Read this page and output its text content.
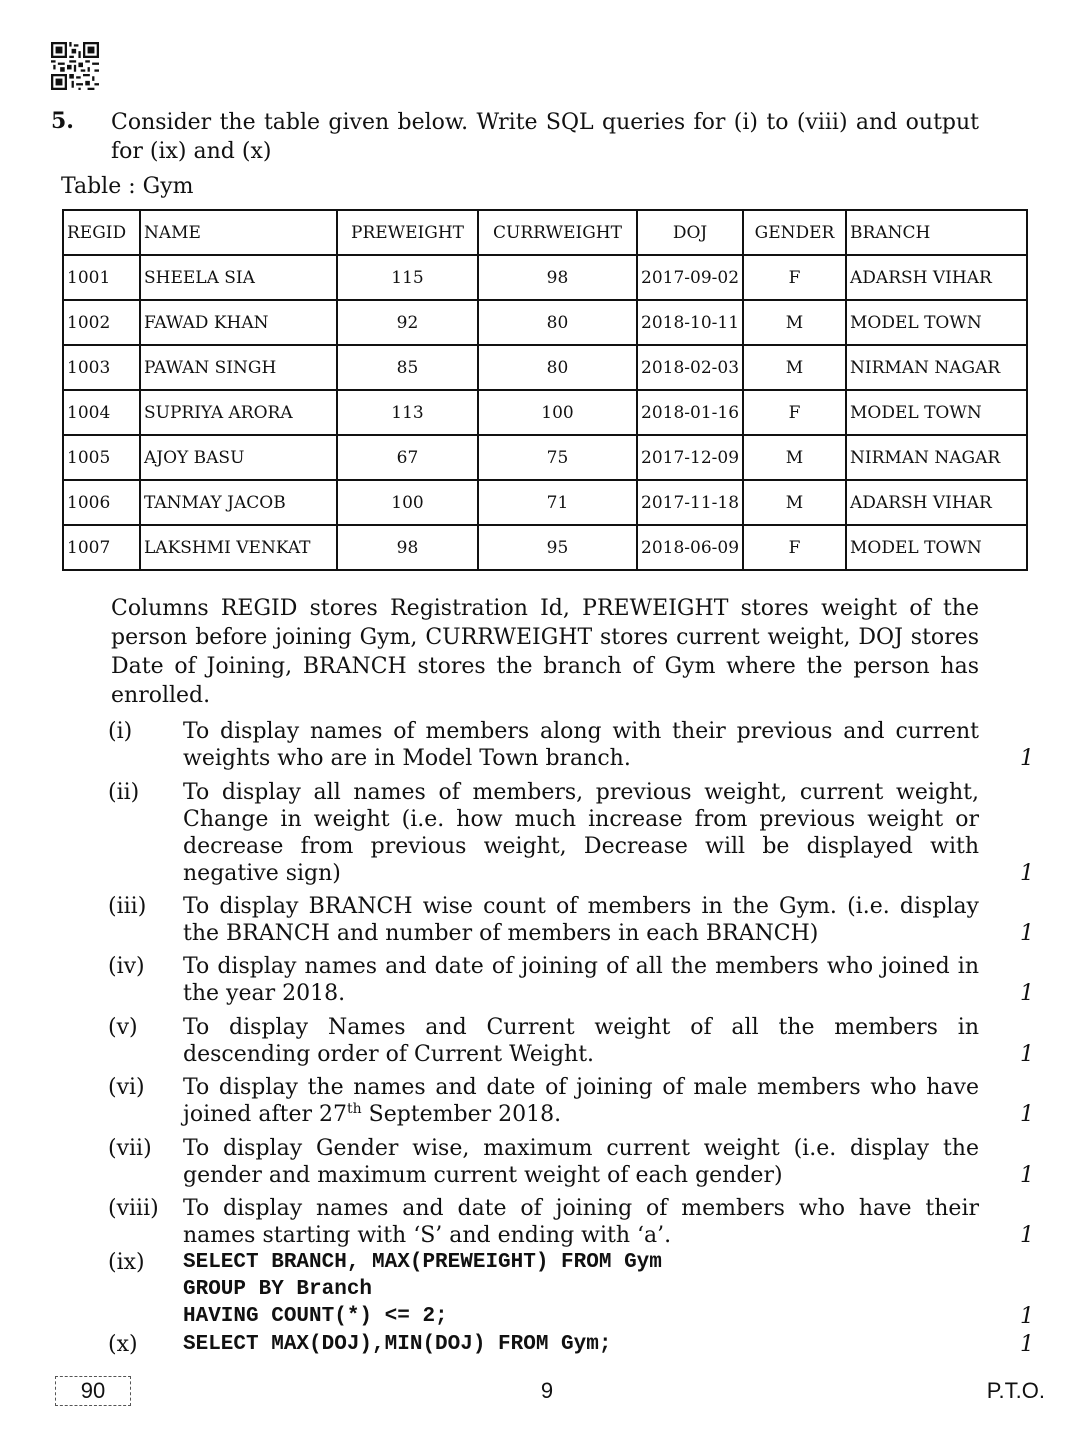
5. Consider the table given below. Write SQL queries for (i) to (viii) and output for (ix) and (x)
Table : Gym
REGID	NAME	PREWEIGHT	CURRWEIGHT	DOJ	GENDER	BRANCH
1001	SHEELA SIA	115	98	2017-09-02	F	ADARSH VIHAR
1002	FAWAD KHAN	92	80	2018-10-11	M	MODEL TOWN
1003	PAWAN SINGH	85	80	2018-02-03	M	NIRMAN NAGAR
1004	SUPRIYA ARORA	113	100	2018-01-16	F	MODEL TOWN
1005	AJOY BASU	67	75	2017-12-09	M	NIRMAN NAGAR
1006	TANMAY JACOB	100	71	2017-11-18	M	ADARSH VIHAR
1007	LAKSHMI VENKAT	98	95	2018-06-09	F	MODEL TOWN
Columns REGID stores Registration Id, PREWEIGHT stores weight of the person before joining Gym, CURRWEIGHT stores current weight, DOJ stores Date of Joining, BRANCH stores the branch of Gym where the person has enrolled.
(i) To display names of members along with their previous and current weights who are in Model Town branch.	1
(ii) To display all names of members, previous weight, current weight, Change in weight (i.e. how much increase from previous weight or decrease from previous weight, Decrease will be displayed with negative sign)	1
(iii) To display BRANCH wise count of members in the Gym. (i.e. display the BRANCH and number of members in each BRANCH)	1
(iv) To display names and date of joining of all the members who joined in the year 2018.	1
(v) To display Names and Current weight of all the members in descending order of Current Weight.	1
(vi) To display the names and date of joining of male members who have joined after 27th September 2018.	1
(vii) To display Gender wise, maximum current weight (i.e. display the gender and maximum current weight of each gender)	1
(viii) To display names and date of joining of members who have their names starting with ‘S’ and ending with ‘a’.	1
(ix) SELECT BRANCH, MAX(PREWEIGHT) FROM Gym
GROUP BY Branch
HAVING COUNT(*) <= 2;	1
(x) SELECT MAX(DOJ),MIN(DOJ) FROM Gym;	1
90	9	P.T.O.
